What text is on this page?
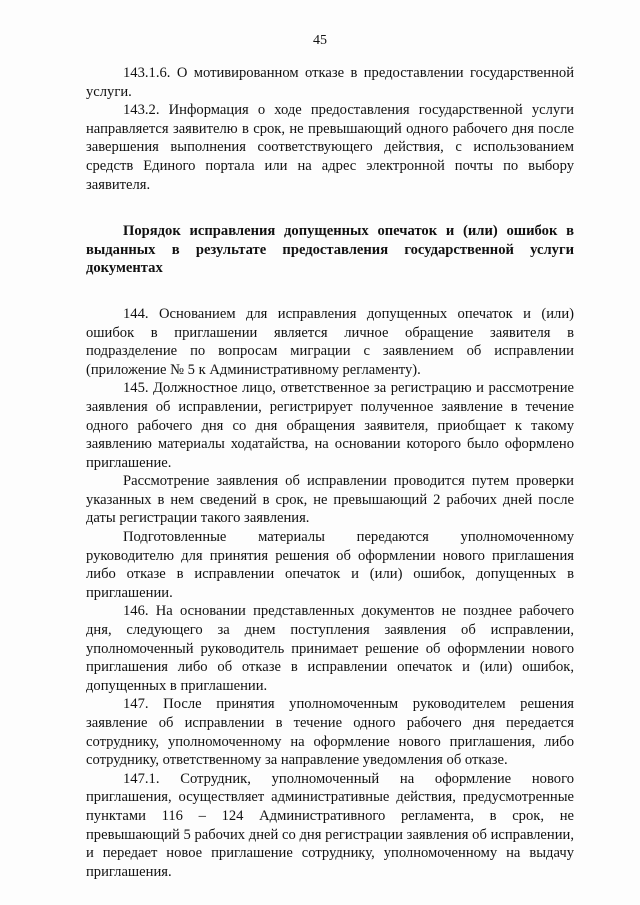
45

143.1.6. О мотивированном отказе в предоставлении государственной услуги.

143.2. Информация о ходе предоставления государственной услуги направляется заявителю в срок, не превышающий одного рабочего дня после завершения выполнения соответствующего действия, с использованием средств Единого портала или на адрес электронной почты по выбору заявителя.

Порядок исправления допущенных опечаток и (или) ошибок в выданных в результате предоставления государственной услуги документах

144. Основанием для исправления допущенных опечаток и (или) ошибок в приглашении является личное обращение заявителя в подразделение по вопросам миграции с заявлением об исправлении (приложение № 5 к Административному регламенту).

145. Должностное лицо, ответственное за регистрацию и рассмотрение заявления об исправлении, регистрирует полученное заявление в течение одного рабочего дня со дня обращения заявителя, приобщает к такому заявлению материалы ходатайства, на основании которого было оформлено приглашение.

Рассмотрение заявления об исправлении проводится путем проверки указанных в нем сведений в срок, не превышающий 2 рабочих дней после даты регистрации такого заявления.

Подготовленные материалы передаются уполномоченному руководителю для принятия решения об оформлении нового приглашения либо отказе в исправлении опечаток и (или) ошибок, допущенных в приглашении.

146. На основании представленных документов не позднее рабочего дня, следующего за днем поступления заявления об исправлении, уполномоченный руководитель принимает решение об оформлении нового приглашения либо об отказе в исправлении опечаток и (или) ошибок, допущенных в приглашении.

147. После принятия уполномоченным руководителем решения заявление об исправлении в течение одного рабочего дня передается сотруднику, уполномоченному на оформление нового приглашения, либо сотруднику, ответственному за направление уведомления об отказе.

147.1. Сотрудник, уполномоченный на оформление нового приглашения, осуществляет административные действия, предусмотренные пунктами 116 – 124 Административного регламента, в срок, не превышающий 5 рабочих дней со дня регистрации заявления об исправлении, и передает новое приглашение сотруднику, уполномоченному на выдачу приглашения.
